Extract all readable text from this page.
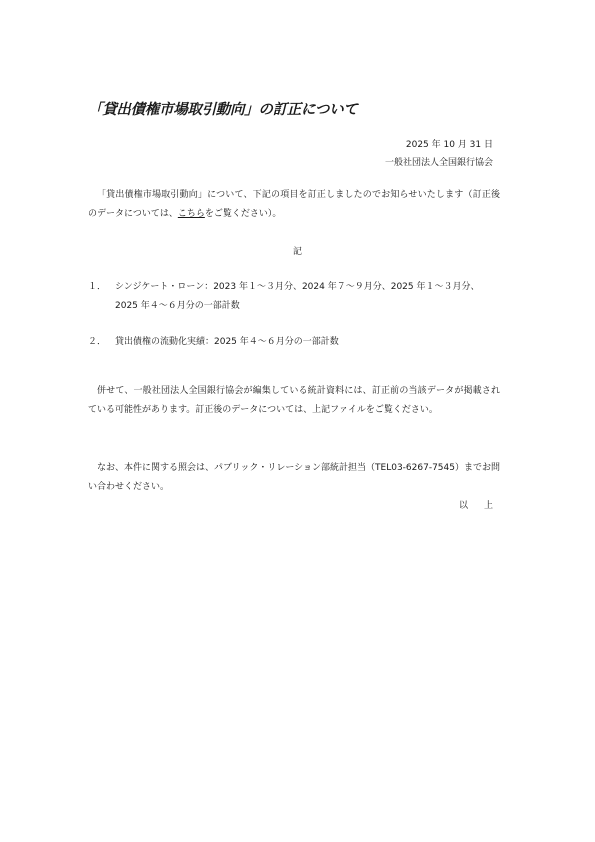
「貸出債権市場取引動向」の訂正について
2025 年 10 月 31 日
一般社団法人全国銀行協会

「貸出債権市場取引動向」について、下記の項目を訂正しましたのでお知らせいたします（訂正後のデータについては、こちらをご覧ください）。

記
１． シンジケート・ローン：2023 年１～３月分、2024 年７～９月分、2025 年１～３月分、2025 年４～６月分の一部計数
２． 貸出債権の流動化実績：2025 年４～６月分の一部計数

併せて、一般社団法人全国銀行協会が編集している統計資料には、訂正前の当該データが掲載されている可能性があります。訂正後のデータについては、上記ファイルをご覧ください。

なお、本件に関する照会は、パブリック・リレーション部統計担当（TEL03-6267-7545）までお問い合わせください。

以上
